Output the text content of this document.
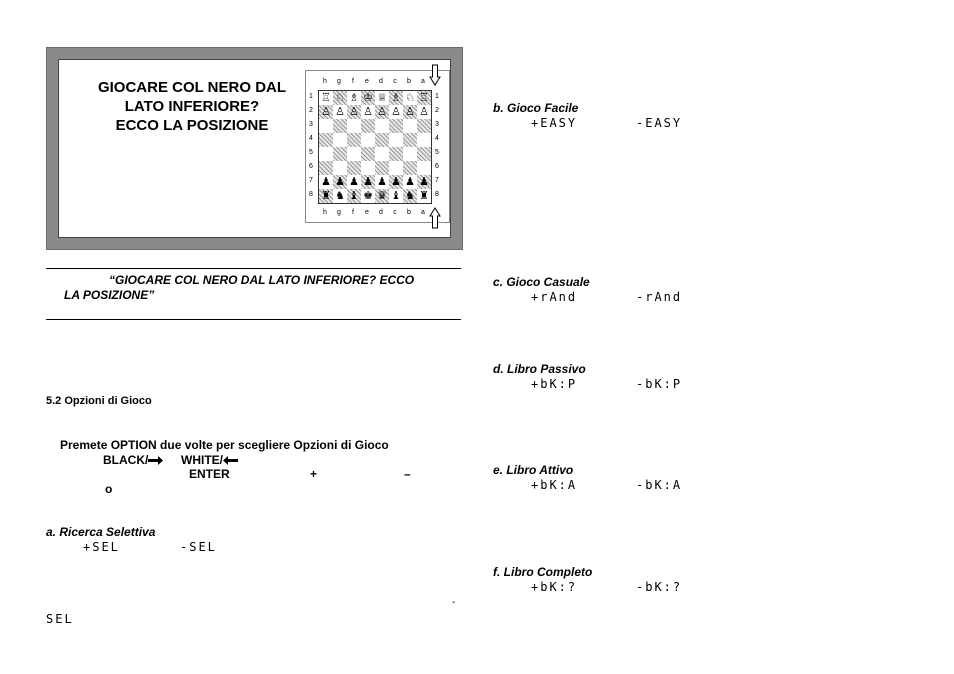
GIOCARE COL NERO DAL
LATO INFERIORE?
ECCO LA POSIZIONE
h	g	f	e	d	c	b	a
1
2
3
4
5
6
7
8
1
2
3
4
5
6
7
8
♖ ♘ ♗ ♔ ♕ ♗ ♘ ♖
♙ ♙ ♙ ♙ ♙ ♙ ♙ ♙
♟ ♟ ♟ ♟ ♟ ♟ ♟ ♟
♜ ♞ ♝ ♚ ♛ ♝ ♞ ♜
h	g	f	e	d	c	b	a
“GIOCARE COL NERO DAL LATO INFERIORE? ECCO
LA POSIZIONE”
5.2 Opzioni di Gioco
Premete OPTION due volte per scegliere Opzioni di Gioco
BLACK/	WHITE/
ENTER	+	–
o
a. Ricerca Selettiva
+SEL	-SEL
-
SEL
b. Gioco Facile
+EASY	-EASY
c. Gioco Casuale
+rAnd	-rAnd
d. Libro Passivo
+bK:P	-bK:P
e. Libro Attivo
+bK:A	-bK:A
f. Libro Completo
+bK:?	-bK:?
